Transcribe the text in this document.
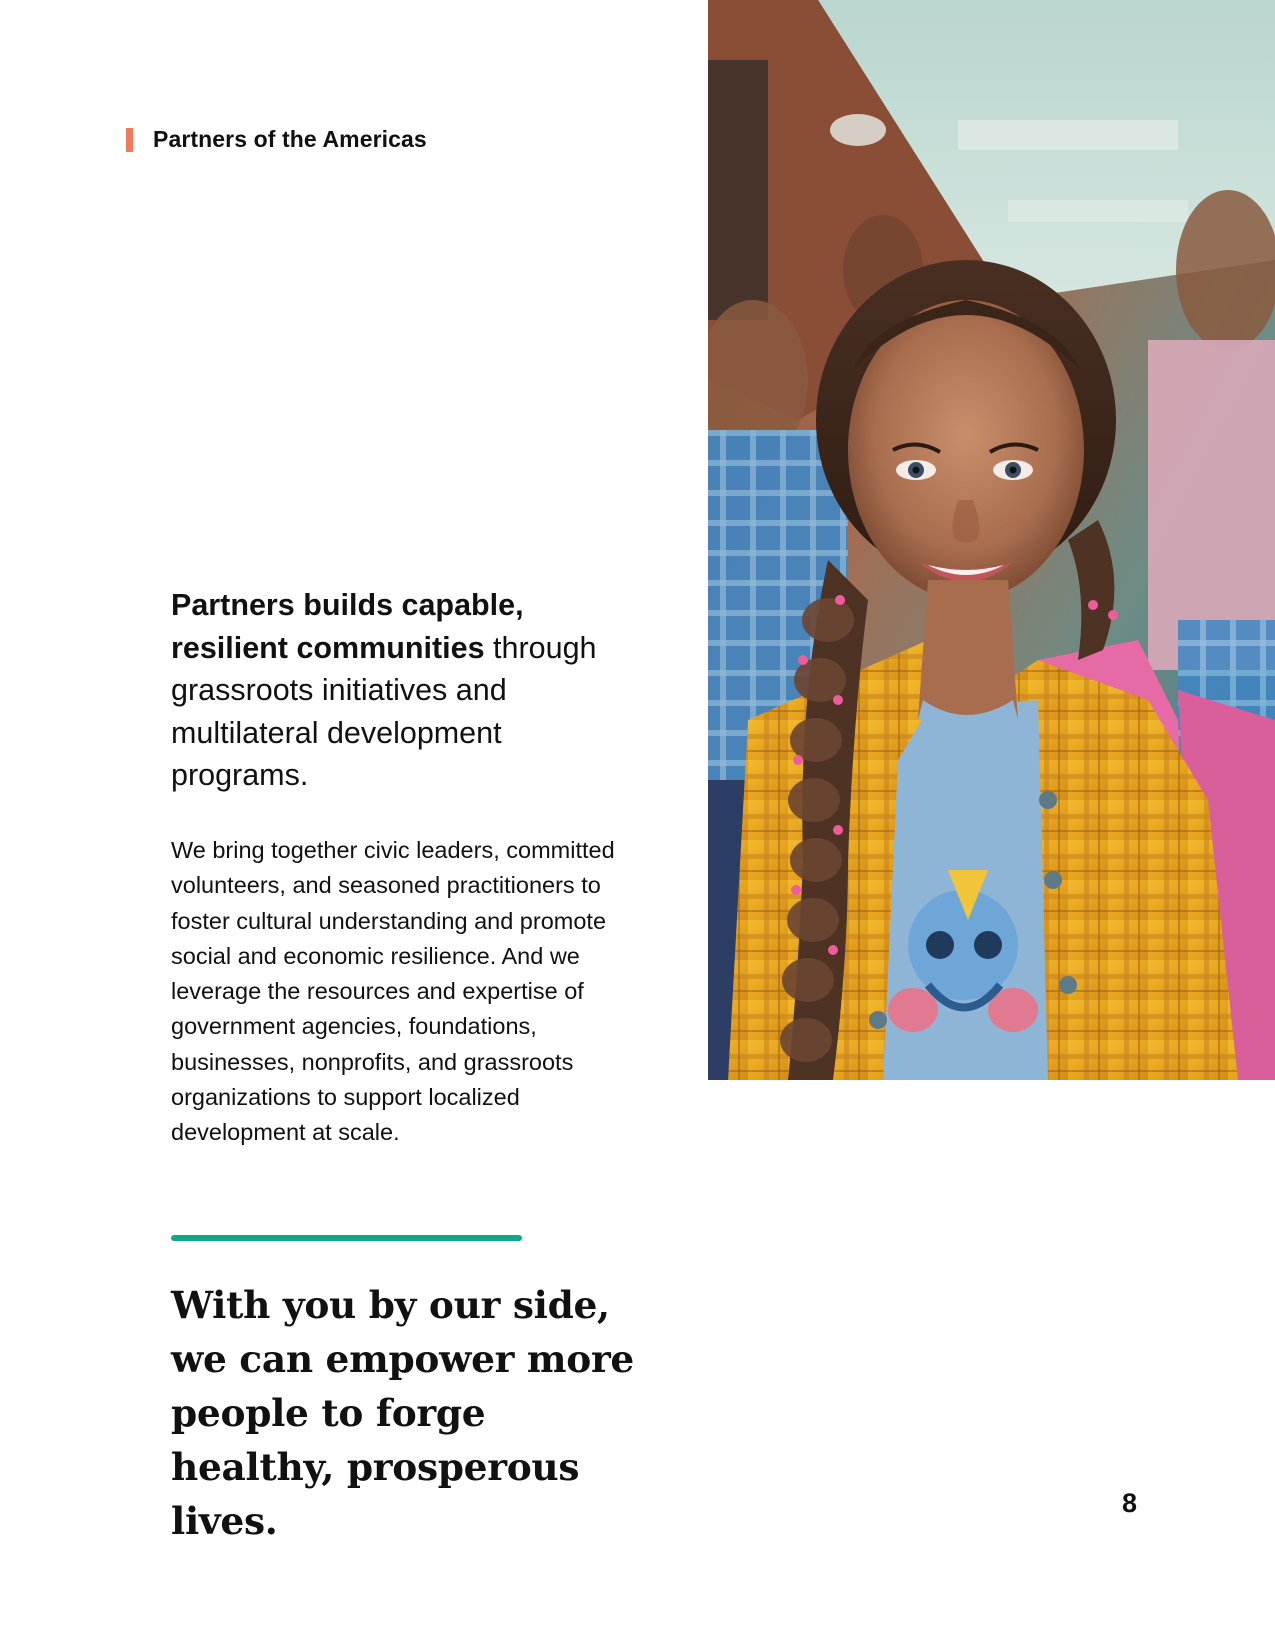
Partners of the Americas

Partners builds capable, resilient communities through grassroots initiatives and multilateral development programs.

We bring together civic leaders, committed volunteers, and seasoned practitioners to foster cultural understanding and promote social and economic resilience. And we leverage the resources and expertise of government agencies, foundations, businesses, nonprofits, and grassroots organizations to support localized development at scale.

With you by our side, we can empower more people to forge healthy, prosperous lives.	8
